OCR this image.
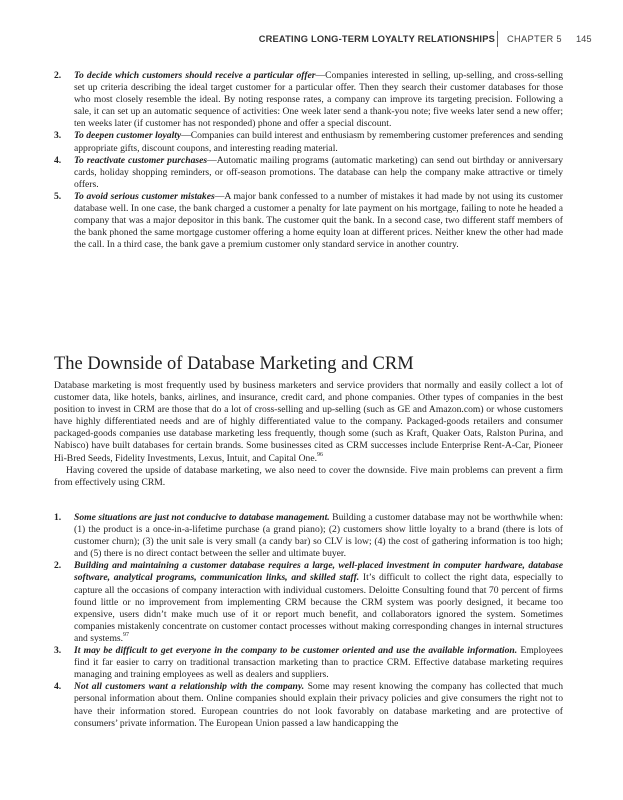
CREATING LONG-TERM LOYALTY RELATIONSHIPS CHAPTER 5 145
2. To decide which customers should receive a particular offer—Companies interested in selling, up-selling, and cross-selling set up criteria describing the ideal target customer for a particular offer. Then they search their customer databases for those who most closely resemble the ideal. By noting response rates, a company can improve its targeting precision. Following a sale, it can set up an automatic sequence of activities: One week later send a thank-you note; five weeks later send a new offer; ten weeks later (if customer has not responded) phone and offer a special discount.
3. To deepen customer loyalty—Companies can build interest and enthusiasm by remembering customer preferences and sending appropriate gifts, discount coupons, and interesting reading material.
4. To reactivate customer purchases—Automatic mailing programs (automatic marketing) can send out birthday or anniversary cards, holiday shopping reminders, or off-season promotions. The database can help the company make attractive or timely offers.
5. To avoid serious customer mistakes—A major bank confessed to a number of mistakes it had made by not using its customer database well. In one case, the bank charged a customer a penalty for late payment on his mortgage, failing to note he headed a company that was a major depositor in this bank. The customer quit the bank. In a second case, two different staff members of the bank phoned the same mortgage customer offering a home equity loan at different prices. Neither knew the other had made the call. In a third case, the bank gave a premium customer only standard service in another country.
The Downside of Database Marketing and CRM

Database marketing is most frequently used by business marketers and service providers that normally and easily collect a lot of customer data, like hotels, banks, airlines, and insurance, credit card, and phone companies. Other types of companies in the best position to invest in CRM are those that do a lot of cross-selling and up-selling (such as GE and Amazon.com) or whose customers have highly differentiated needs and are of highly differentiated value to the company. Packaged-goods retailers and consumer packaged-goods companies use database marketing less frequently, though some (such as Kraft, Quaker Oats, Ralston Purina, and Nabisco) have built databases for certain brands. Some businesses cited as CRM successes include Enterprise Rent-A-Car, Pioneer Hi-Bred Seeds, Fidelity Investments, Lexus, Intuit, and Capital One.$^{96}$

Having covered the upside of database marketing, we also need to cover the downside. Five main problems can prevent a firm from effectively using CRM.

1. Some situations are just not conducive to database management. Building a customer database may not be worthwhile when: (1) the product is a once-in-a-lifetime purchase (a grand piano); (2) customers show little loyalty to a brand (there is lots of customer churn); (3) the unit sale is very small (a candy bar) so CLV is low; (4) the cost of gathering information is too high; and (5) there is no direct contact between the seller and ultimate buyer.
2. Building and maintaining a customer database requires a large, well-placed investment in computer hardware, database software, analytical programs, communication links, and skilled staff. It’s difficult to collect the right data, especially to capture all the occasions of company interaction with individual customers. Deloitte Consulting found that 70 percent of firms found little or no improvement from implementing CRM because the CRM system was poorly designed, it became too expensive, users didn’t make much use of it or report much benefit, and collaborators ignored the system. Sometimes companies mistakenly concentrate on customer contact processes without making corresponding changes in internal structures and systems.$^{97}$
3. It may be difficult to get everyone in the company to be customer oriented and use the available information. Employees find it far easier to carry on traditional transaction marketing than to practice CRM. Effective database marketing requires managing and training employees as well as dealers and suppliers.
4. Not all customers want a relationship with the company. Some may resent knowing the company has collected that much personal information about them. Online companies should explain their privacy policies and give consumers the right not to have their information stored. European countries do not look favorably on database marketing and are protective of consumers’ private information. The European Union passed a law handicapping the
